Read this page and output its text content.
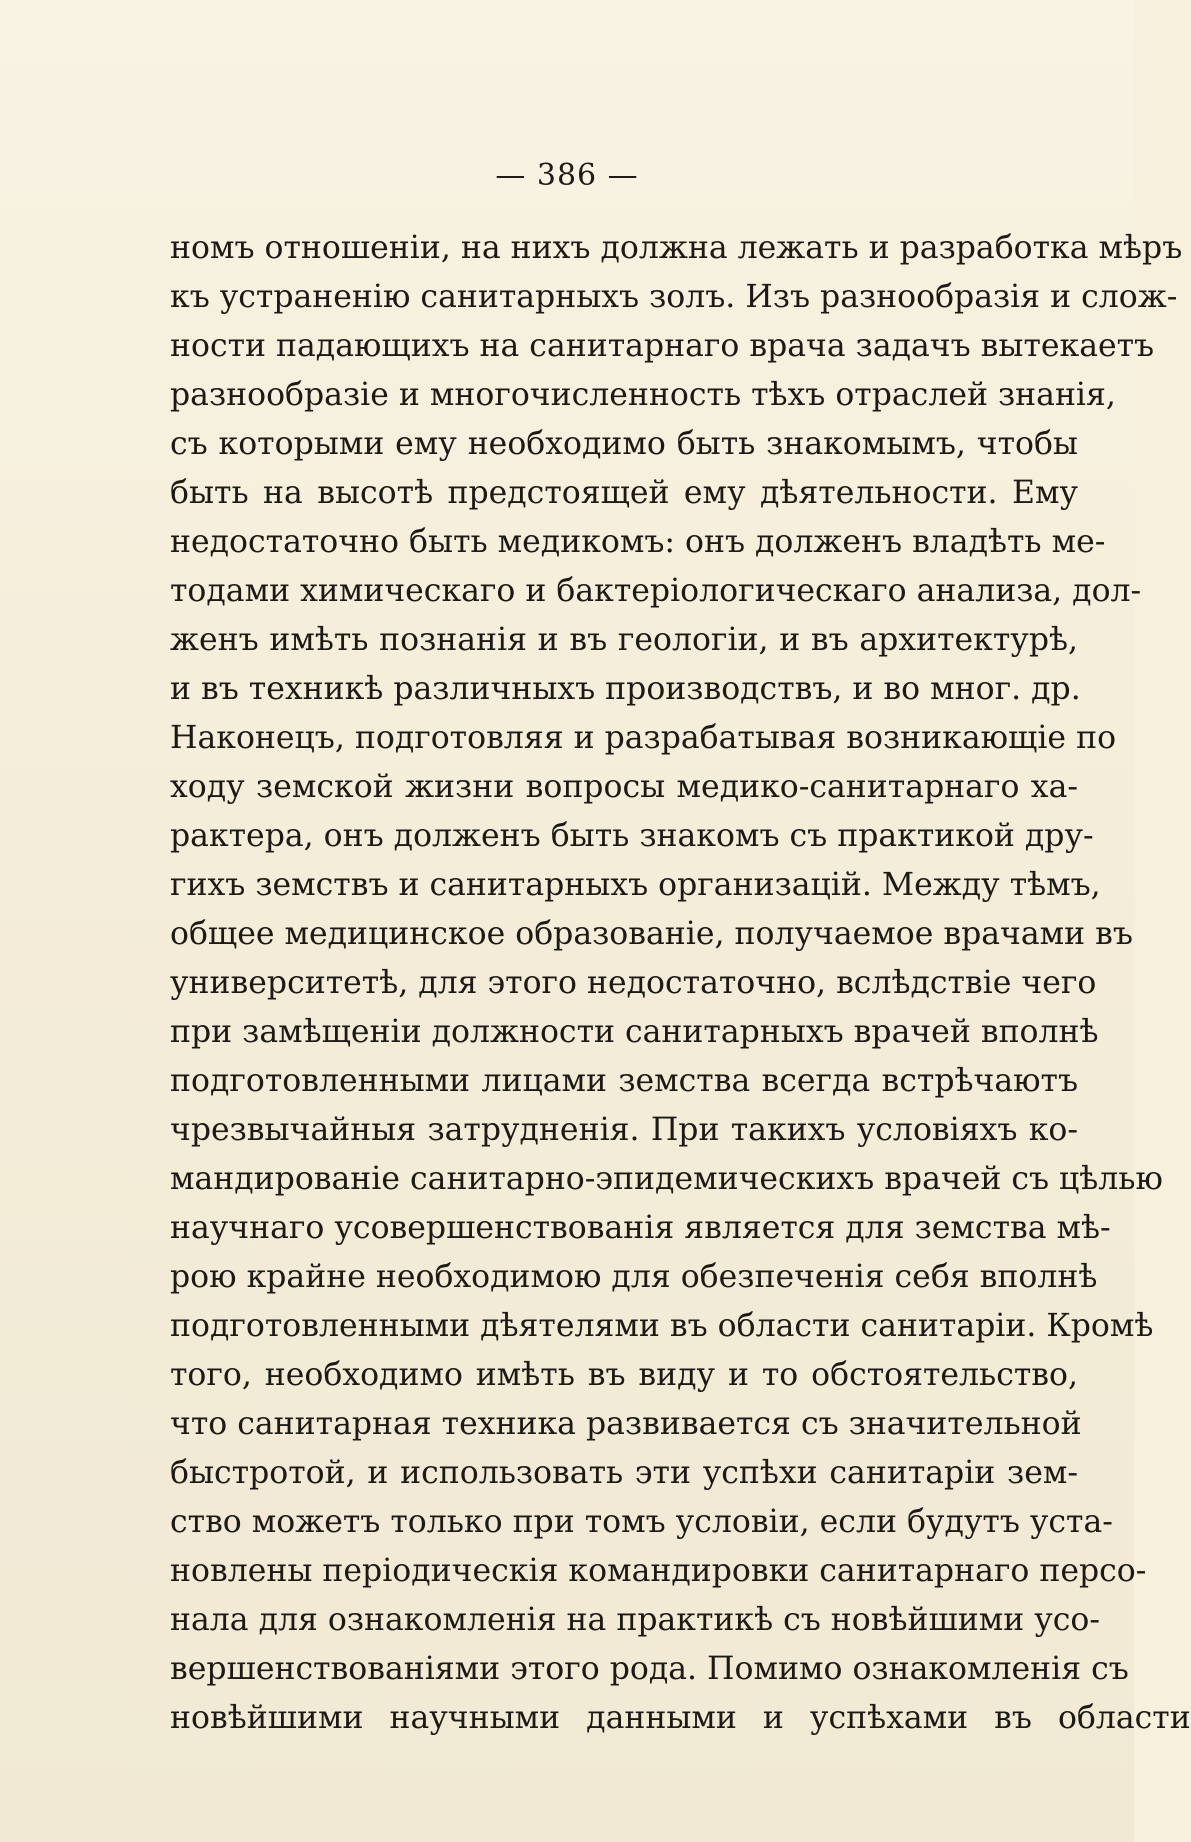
— 386 —
номъ отношеніи, на нихъ должна лежать и разработка мѣръ
къ устраненію санитарныхъ золъ. Изъ разнообразія и слож-
ности падающихъ на санитарнаго врача задачъ вытекаетъ
разнообразіе и многочисленность тѣхъ отраслей знанія,
съ которыми ему необходимо быть знакомымъ, чтобы
быть на высотѣ предстоящей ему дѣятельности. Ему
недостаточно быть медикомъ: онъ долженъ владѣть ме-
тодами химическаго и бактеріологическаго анализа, дол-
женъ имѣть познанія и въ геологіи, и въ архитектурѣ,
и въ техникѣ различныхъ производствъ, и во мног. др.
Наконецъ, подготовляя и разрабатывая возникающіе по
ходу земской жизни вопросы медико-санитарнаго ха-
рактера, онъ долженъ быть знакомъ съ практикой дру-
гихъ земствъ и санитарныхъ организацій. Между тѣмъ,
общее медицинское образованіе, получаемое врачами въ
университетѣ, для этого недостаточно, вслѣдствіе чего
при замѣщеніи должности санитарныхъ врачей вполнѣ
подготовленными лицами земства всегда встрѣчаютъ
чрезвычайныя затрудненія. При такихъ условіяхъ ко-
мандированіе санитарно-эпидемическихъ врачей съ цѣлью
научнаго усовершенствованія является для земства мѣ-
рою крайне необходимою для обезпеченія себя вполнѣ
подготовленными дѣятелями въ области санитаріи. Кромѣ
того, необходимо имѣть въ виду и то обстоятельство,
что санитарная техника развивается съ значительной
быстротой, и использовать эти успѣхи санитаріи зем-
ство можетъ только при томъ условіи, если будутъ уста-
новлены періодическія командировки санитарнаго персо-
нала для ознакомленія на практикѣ съ новѣйшими усо-
вершенствованіями этого рода. Помимо ознакомленія съ
новѣйшими научными данными и успѣхами въ области
